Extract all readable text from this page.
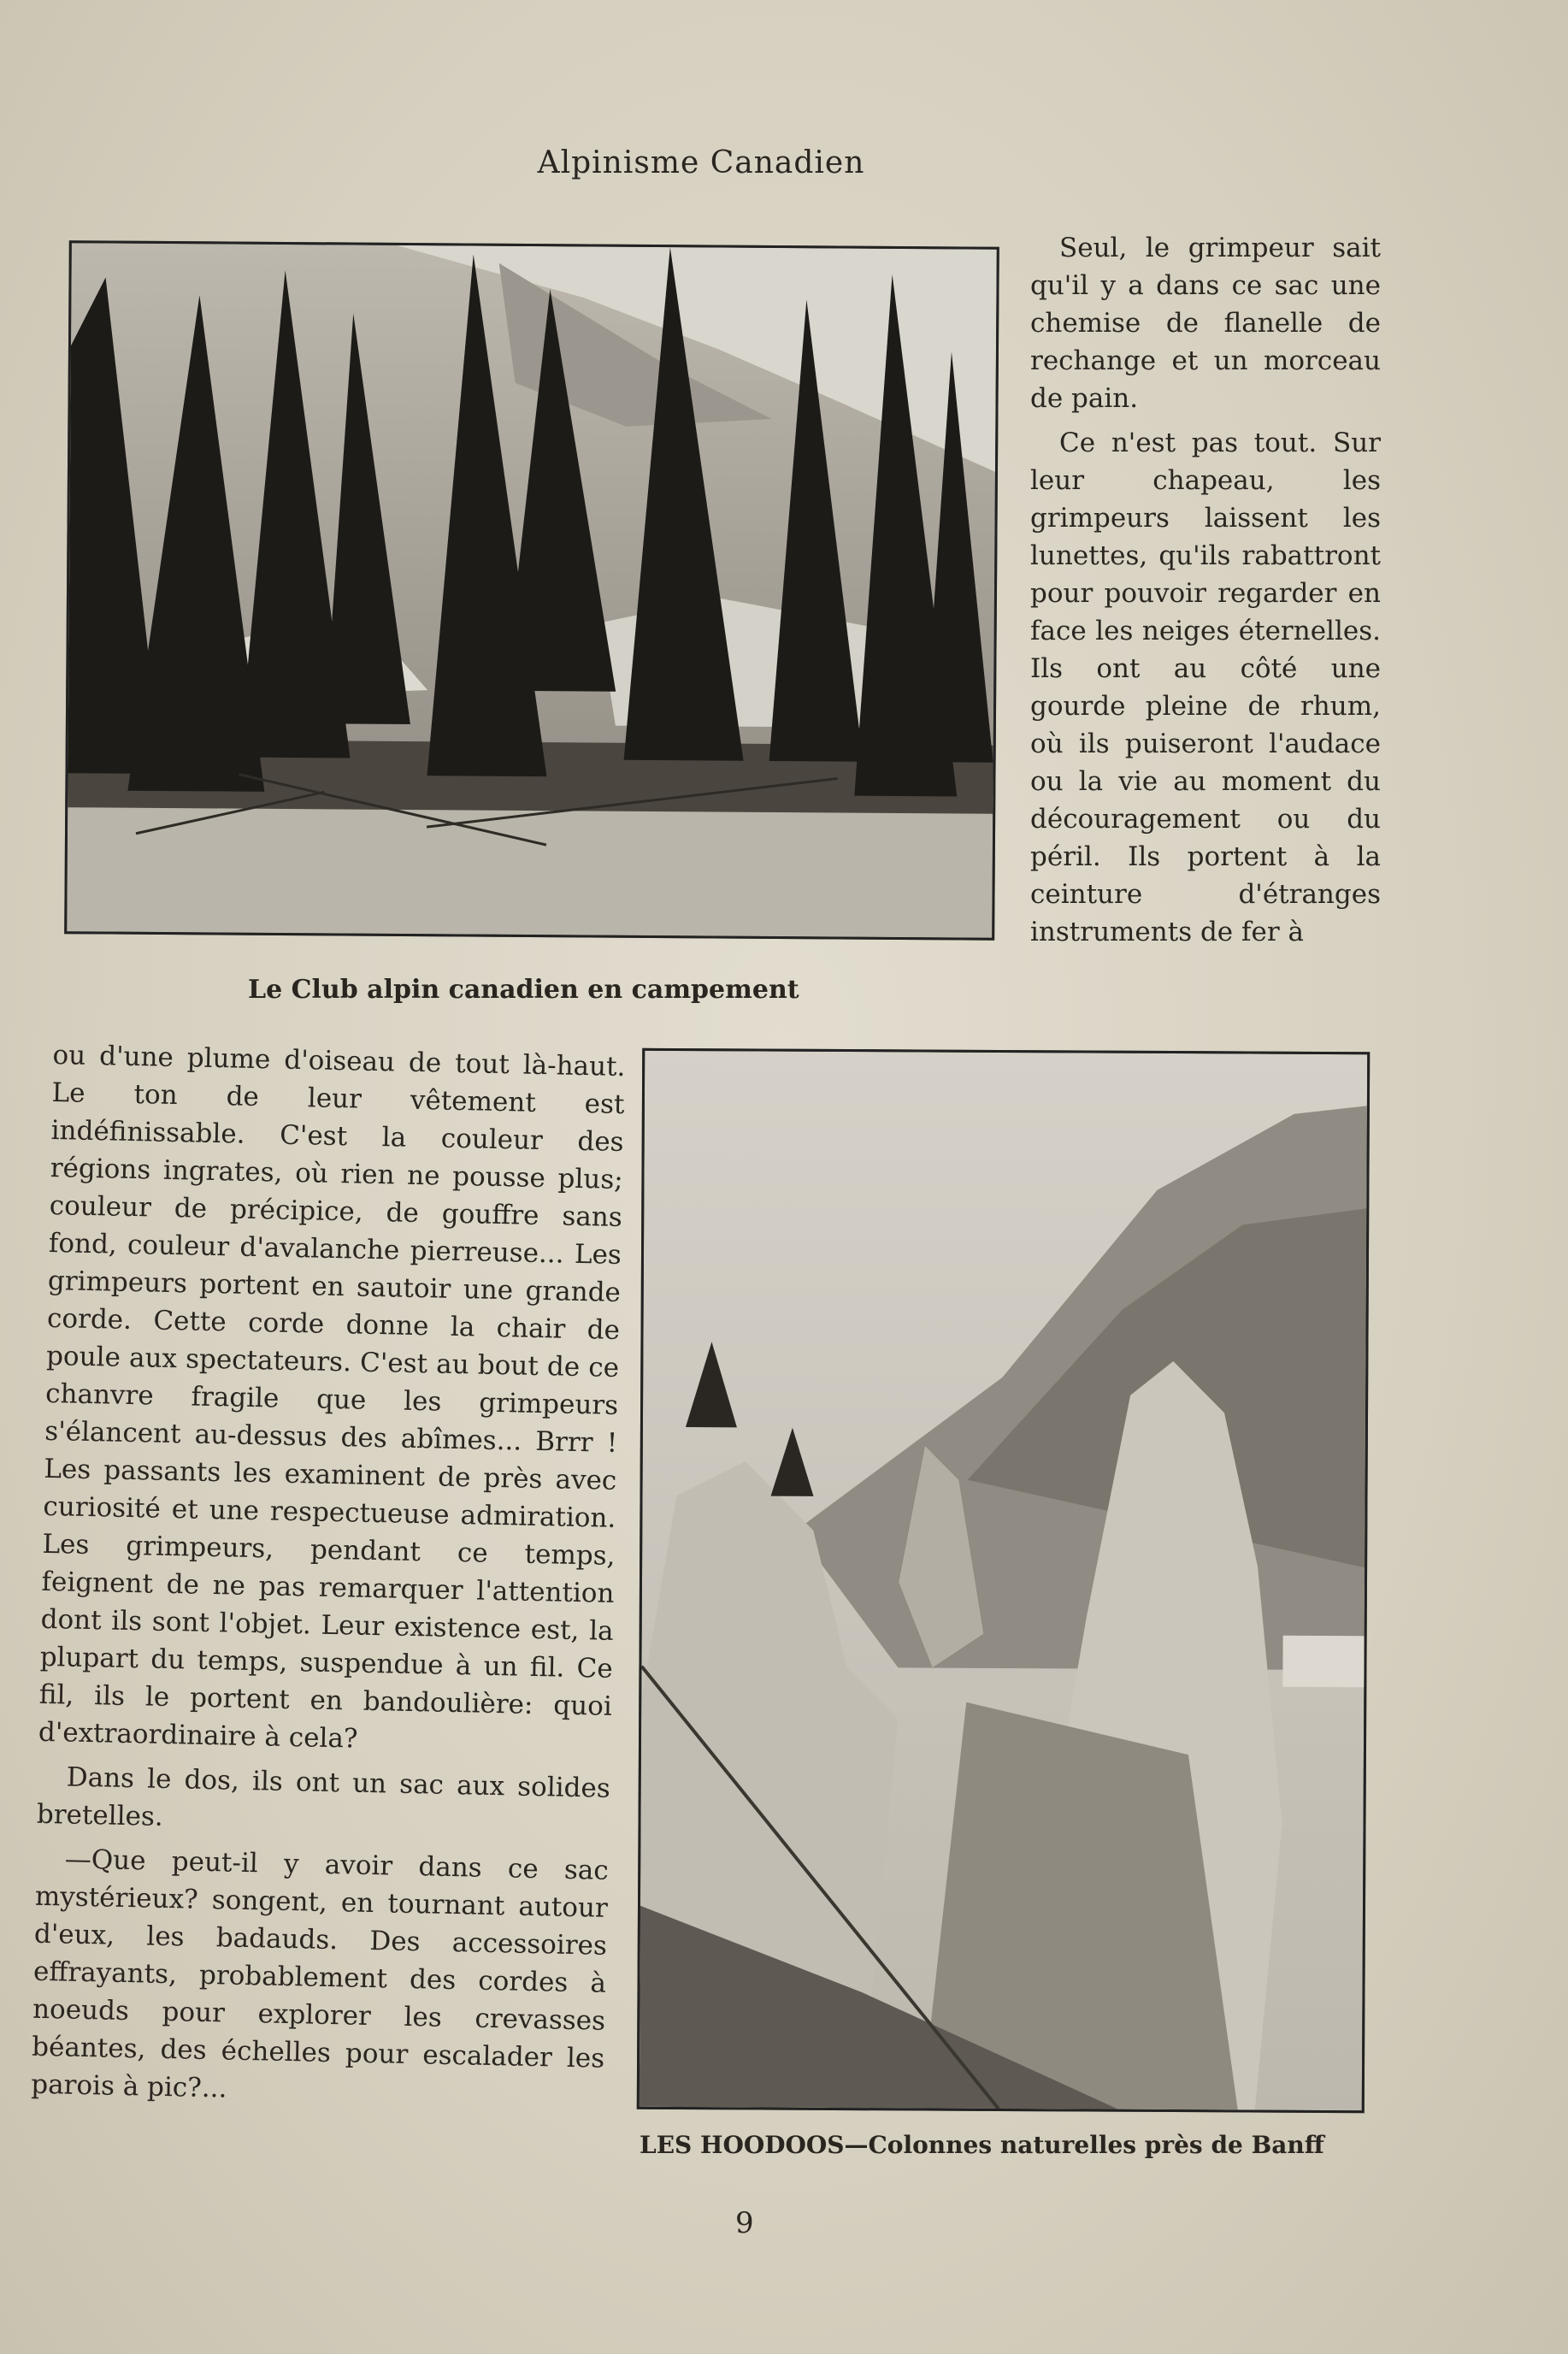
Alpinisme Canadien
Le Club alpin canadien en campement

Seul, le grimpeur sait qu'il y a dans ce sac une chemise de flanelle de rechange et un morceau de pain.

Ce n'est pas tout. Sur leur chapeau, les grimpeurs laissent les lunettes, qu'ils rabattront pour pouvoir regarder en face les neiges éternelles. Ils ont au côté une gourde pleine de rhum, où ils puiseront l'audace ou la vie au moment du découragement ou du péril. Ils portent à la ceinture d'étranges instruments de fer à

ou d'une plume d'oiseau de tout là-haut. Le ton de leur vêtement est indéfinissable. C'est la couleur des régions ingrates, où rien ne pousse plus; couleur de précipice, de gouffre sans fond, couleur d'avalanche pierreuse... Les grimpeurs portent en sautoir une grande corde. Cette corde donne la chair de poule aux spectateurs. C'est au bout de ce chanvre fragile que les grimpeurs s'élancent au-dessus des abîmes... Brrr ! Les passants les examinent de près avec curiosité et une respectueuse admiration. Les grimpeurs, pendant ce temps, feignent de ne pas remarquer l'attention dont ils sont l'objet. Leur existence est, la plupart du temps, suspendue à un fil. Ce fil, ils le portent en bandoulière: quoi d'extraordinaire à cela?

Dans le dos, ils ont un sac aux solides bretelles.

—Que peut-il y avoir dans ce sac mystérieux? songent, en tournant autour d'eux, les badauds. Des accessoires effrayants, probablement des cordes à noeuds pour explorer les crevasses béantes, des échelles pour escalader les parois à pic?...

LES HOODOOS—Colonnes naturelles près de Banff
9
